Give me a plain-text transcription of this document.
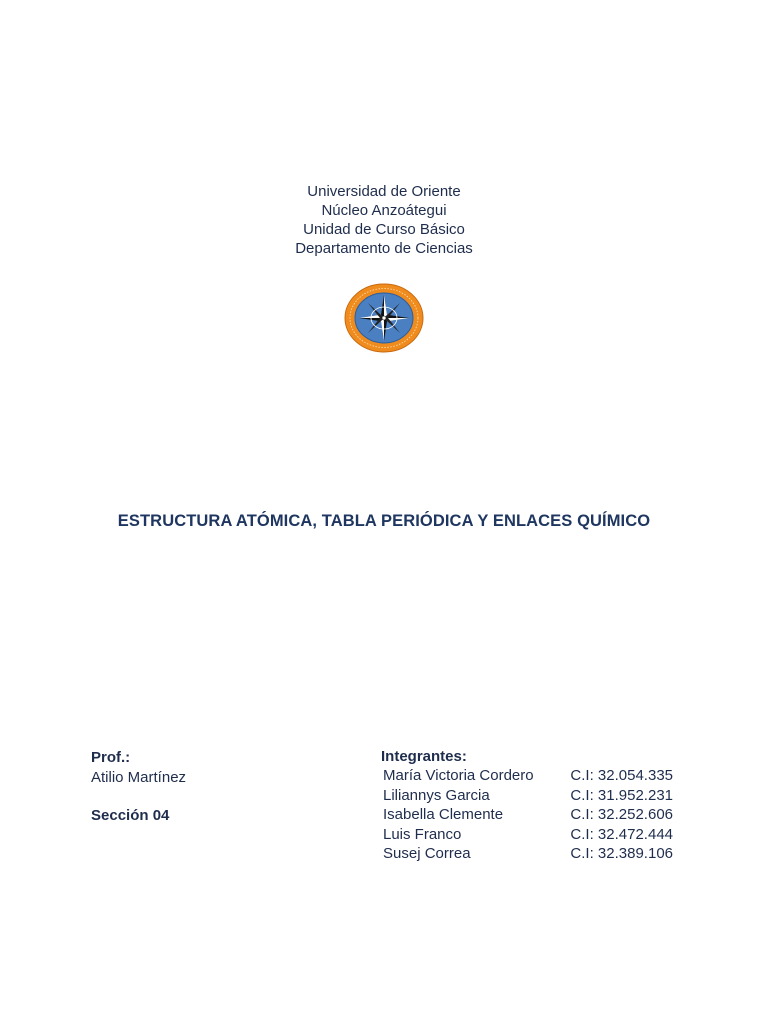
Universidad de Oriente
Núcleo Anzoátegui
Unidad de Curso Básico
Departamento de Ciencias
ESTRUCTURA ATÓMICA, TABLA PERIÓDICA Y ENLACES QUÍMICO
Prof.:
Atilio Martínez
Sección 04
Integrantes:
María Victoria Cordero C.I: 32.054.335
Liliannys Garcia	C.I: 31.952.231
Isabella Clemente	C.I: 32.252.606
Luis Franco	C.I: 32.472.444
Susej Correa	C.I: 32.389.106
